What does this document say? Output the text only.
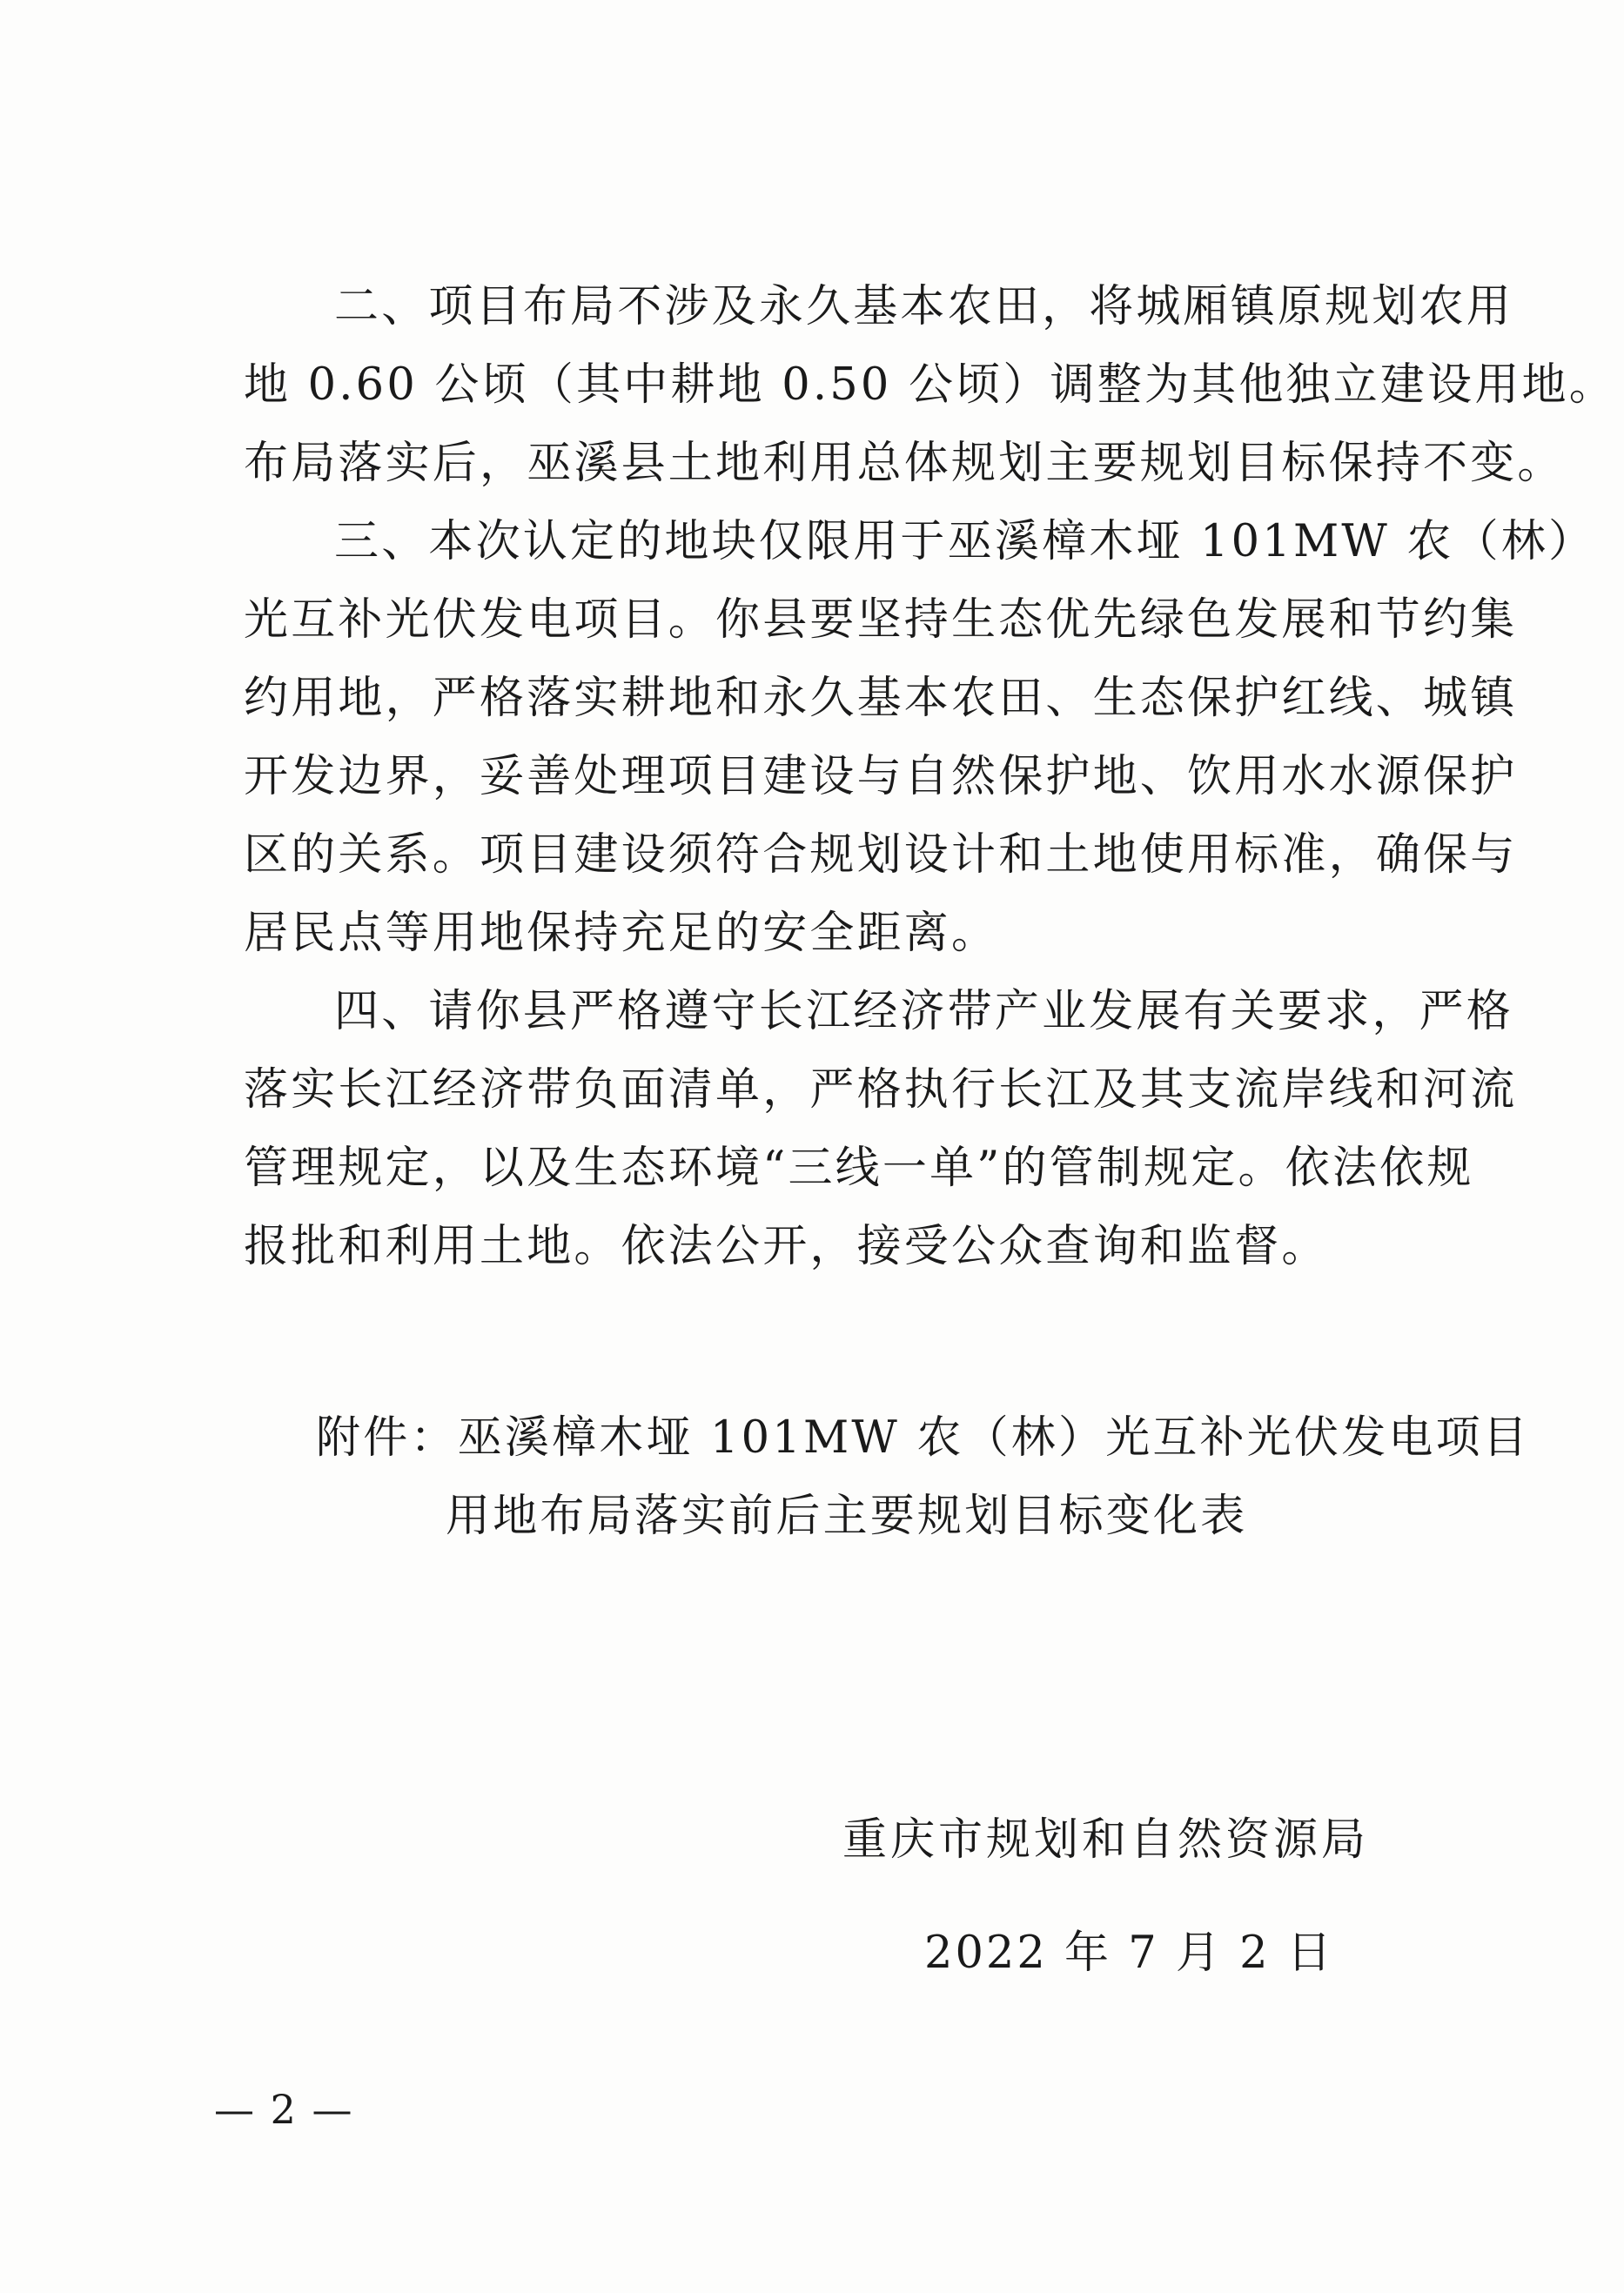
二、项目布局不涉及永久基本农田，将城厢镇原规划农用
地 0.60 公顷（其中耕地 0.50 公顷）调整为其他独立建设用地。
布局落实后，巫溪县土地利用总体规划主要规划目标保持不变。

三、本次认定的地块仅限用于巫溪樟木垭 101MW 农（林）
光互补光伏发电项目。你县要坚持生态优先绿色发展和节约集
约用地，严格落实耕地和永久基本农田、生态保护红线、城镇
开发边界，妥善处理项目建设与自然保护地、饮用水水源保护
区的关系。项目建设须符合规划设计和土地使用标准，确保与
居民点等用地保持充足的安全距离。

四、请你县严格遵守长江经济带产业发展有关要求，严格
落实长江经济带负面清单，严格执行长江及其支流岸线和河流
管理规定，以及生态环境“三线一单”的管制规定。依法依规
报批和利用土地。依法公开，接受公众查询和监督。

附件：巫溪樟木垭 101MW 农（林）光互补光伏发电项目
用地布局落实前后主要规划目标变化表
重庆市规划和自然资源局
2022 年 7 月 2 日
— 2 —
